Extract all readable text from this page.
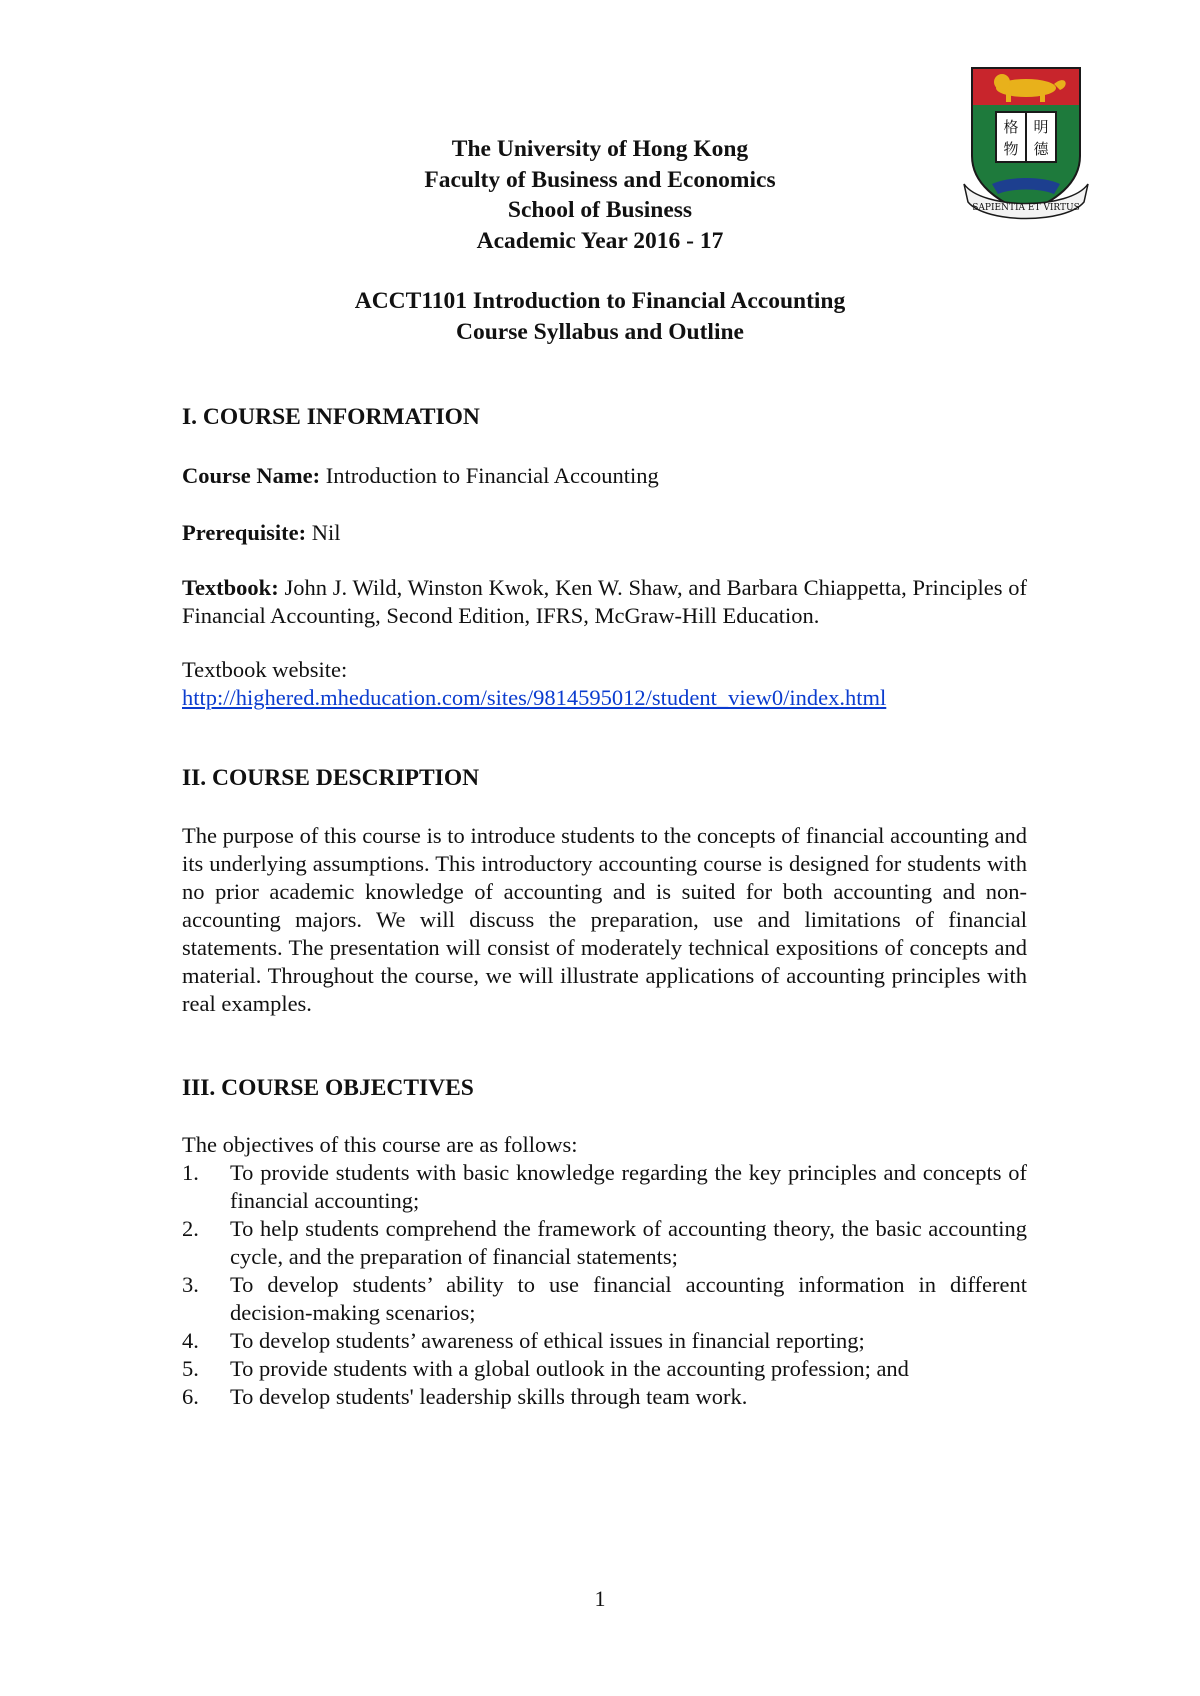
格 明
物 德
SAPIENTIA ET VIRTUS
The University of Hong Kong
Faculty of Business and Economics
School of Business
Academic Year 2016 - 17
ACCT1101 Introduction to Financial Accounting
Course Syllabus and Outline
I. COURSE INFORMATION
Course Name: Introduction to Financial Accounting
Prerequisite: Nil
Textbook: John J. Wild, Winston Kwok, Ken W. Shaw, and Barbara Chiappetta, Principles of Financial Accounting, Second Edition, IFRS, McGraw-Hill Education.
Textbook website:
http://highered.mheducation.com/sites/9814595012/student_view0/index.html
II. COURSE DESCRIPTION
The purpose of this course is to introduce students to the concepts of financial accounting and its underlying assumptions. This introductory accounting course is designed for students with no prior academic knowledge of accounting and is suited for both accounting and non-accounting majors. We will discuss the preparation, use and limitations of financial statements. The presentation will consist of moderately technical expositions of concepts and material. Throughout the course, we will illustrate applications of accounting principles with real examples.
III. COURSE OBJECTIVES
The objectives of this course are as follows:
1. To provide students with basic knowledge regarding the key principles and concepts of financial accounting;
2. To help students comprehend the framework of accounting theory, the basic accounting cycle, and the preparation of financial statements;
3. To develop students’ ability to use financial accounting information in different decision-making scenarios;
4. To develop students’ awareness of ethical issues in financial reporting;
5. To provide students with a global outlook in the accounting profession; and
6. To develop students' leadership skills through team work.
1
